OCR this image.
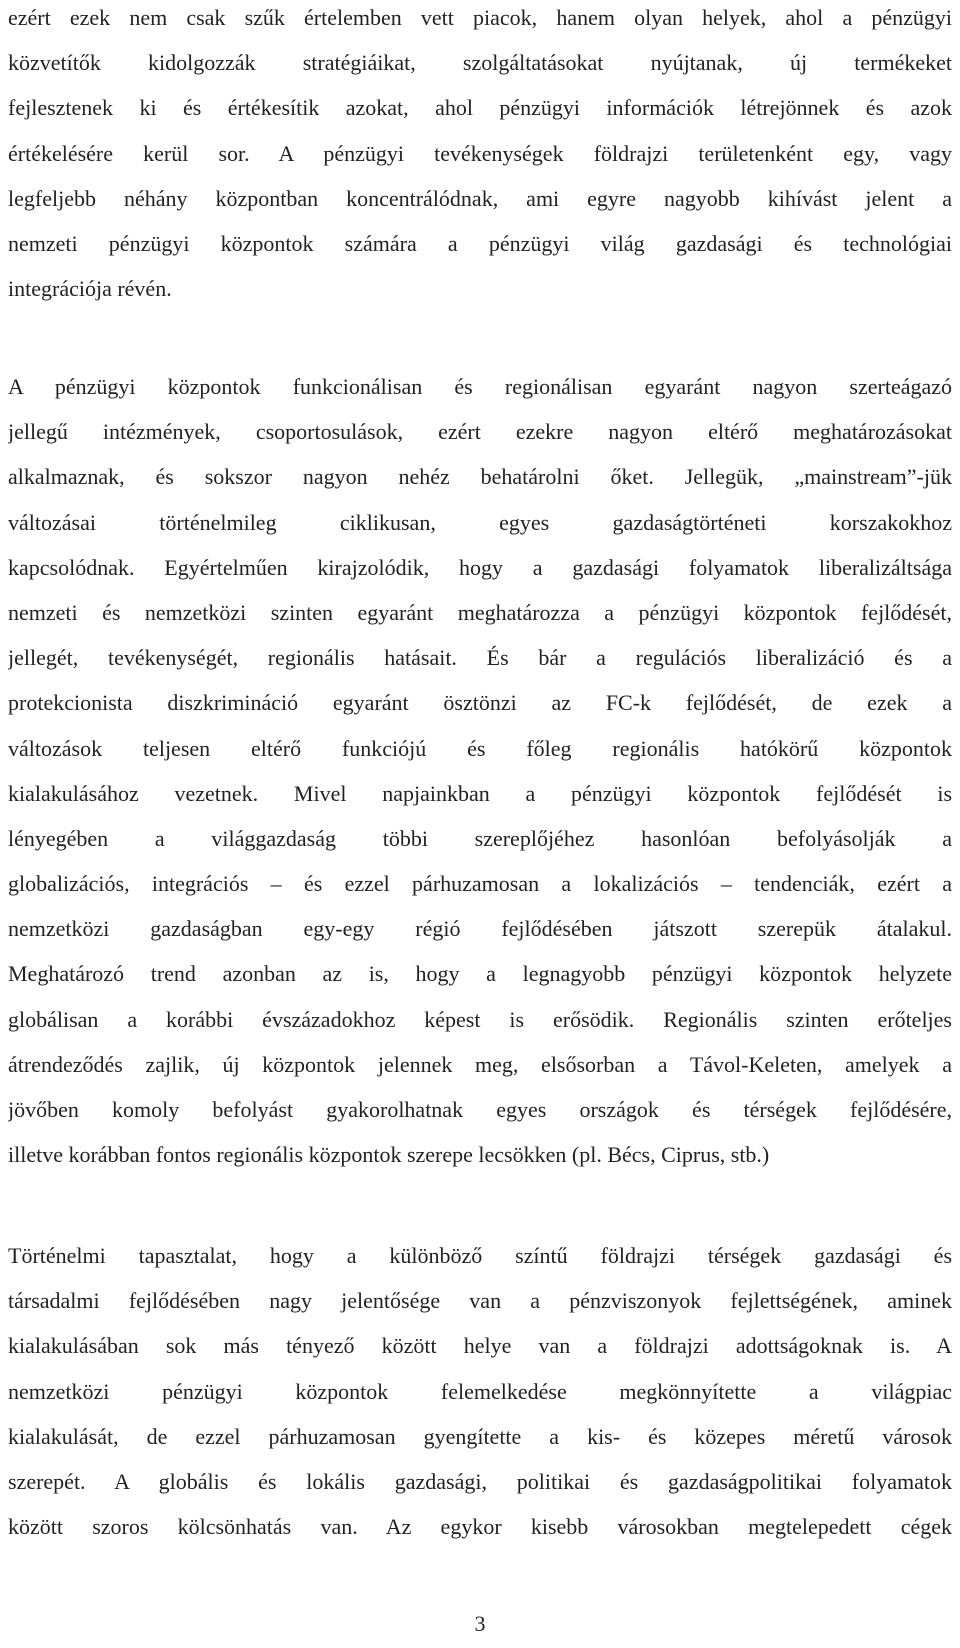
ezért ezek nem csak szűk értelemben vett piacok, hanem olyan helyek, ahol a pénzügyi
közvetítők kidolgozzák stratégiáikat, szolgáltatásokat nyújtanak, új termékeket
fejlesztenek ki és értékesítik azokat, ahol pénzügyi információk létrejönnek és azok
értékelésére kerül sor. A pénzügyi tevékenységek földrajzi területenként egy, vagy
legfeljebb néhány központban koncentrálódnak, ami egyre nagyobb kihívást jelent a
nemzeti pénzügyi központok számára a pénzügyi világ gazdasági és technológiai
integrációja révén.
A pénzügyi központok funkcionálisan és regionálisan egyaránt nagyon szerteágazó
jellegű intézmények, csoportosulások, ezért ezekre nagyon eltérő meghatározásokat
alkalmaznak, és sokszor nagyon nehéz behatárolni őket. Jellegük, „mainstream”-jük
változásai történelmileg ciklikusan, egyes gazdaságtörténeti korszakokhoz
kapcsolódnak. Egyértelműen kirajzolódik, hogy a gazdasági folyamatok liberalizáltsága
nemzeti és nemzetközi szinten egyaránt meghatározza a pénzügyi központok fejlődését,
jellegét, tevékenységét, regionális hatásait. És bár a regulációs liberalizáció és a
protekcionista diszkrimináció egyaránt ösztönzi az FC-k fejlődését, de ezek a
változások teljesen eltérő funkciójú és főleg regionális hatókörű központok
kialakulásához vezetnek. Mivel napjainkban a pénzügyi központok fejlődését is
lényegében a világgazdaság többi szereplőjéhez hasonlóan befolyásolják a
globalizációs, integrációs – és ezzel párhuzamosan a lokalizációs – tendenciák, ezért a
nemzetközi gazdaságban egy-egy régió fejlődésében játszott szerepük átalakul.
Meghatározó trend azonban az is, hogy a legnagyobb pénzügyi központok helyzete
globálisan a korábbi évszázadokhoz képest is erősödik. Regionális szinten erőteljes
átrendeződés zajlik, új központok jelennek meg, elsősorban a Távol-Keleten, amelyek a
jövőben komoly befolyást gyakorolhatnak egyes országok és térségek fejlődésére,
illetve korábban fontos regionális központok szerepe lecsökken (pl. Bécs, Ciprus, stb.)
Történelmi tapasztalat, hogy a különböző színtű földrajzi térségek gazdasági és
társadalmi fejlődésében nagy jelentősége van a pénzviszonyok fejlettségének, aminek
kialakulásában sok más tényező között helye van a földrajzi adottságoknak is. A
nemzetközi pénzügyi központok felemelkedése megkönnyítette a világpiac
kialakulását, de ezzel párhuzamosan gyengítette a kis- és közepes méretű városok
szerepét. A globális és lokális gazdasági, politikai és gazdaságpolitikai folyamatok
között szoros kölcsönhatás van. Az egykor kisebb városokban megtelepedett cégek
3
